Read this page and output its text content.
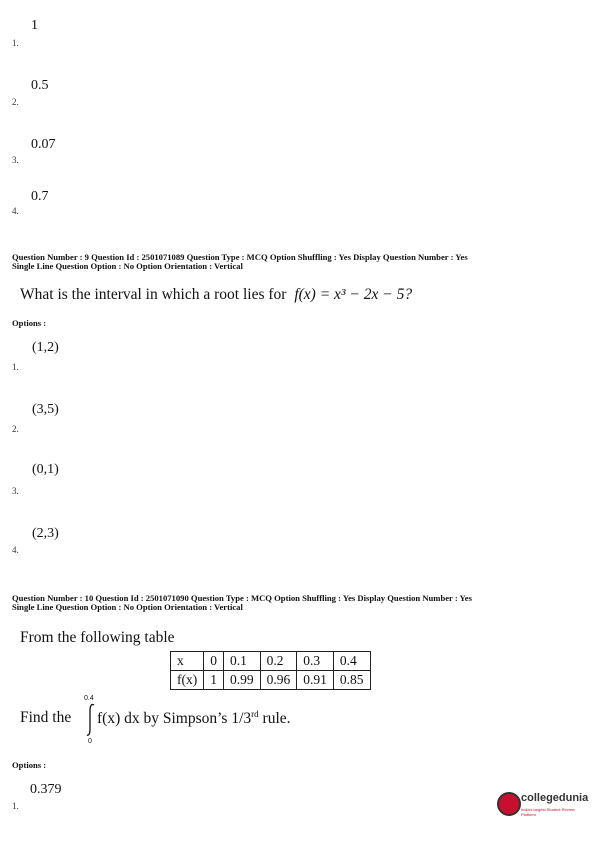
1
1.
0.5
2.
0.07
3.
0.7
4.
Question Number : 9 Question Id : 2501071089 Question Type : MCQ Option Shuffling : Yes Display Question Number : Yes
Single Line Question Option : No Option Orientation : Vertical
What is the interval in which a root lies for f(x) = x³ − 2x − 5?
Options :
(1,2)
1.
(3,5)
2.
(0,1)
3.
(2,3)
4.
Question Number : 10 Question Id : 2501071090 Question Type : MCQ Option Shuffling : Yes Display Question Number : Yes
Single Line Question Option : No Option Orientation : Vertical
From the following table
x	0	0.1	0.2	0.3	0.4
f(x)	1	0.99	0.96	0.91	0.85
Find the
0.4
0
f(x) dx by Simpson’s 1/3rd rule.
Options :
0.379
1.
collegedunia
India's largest Student Review Platform
